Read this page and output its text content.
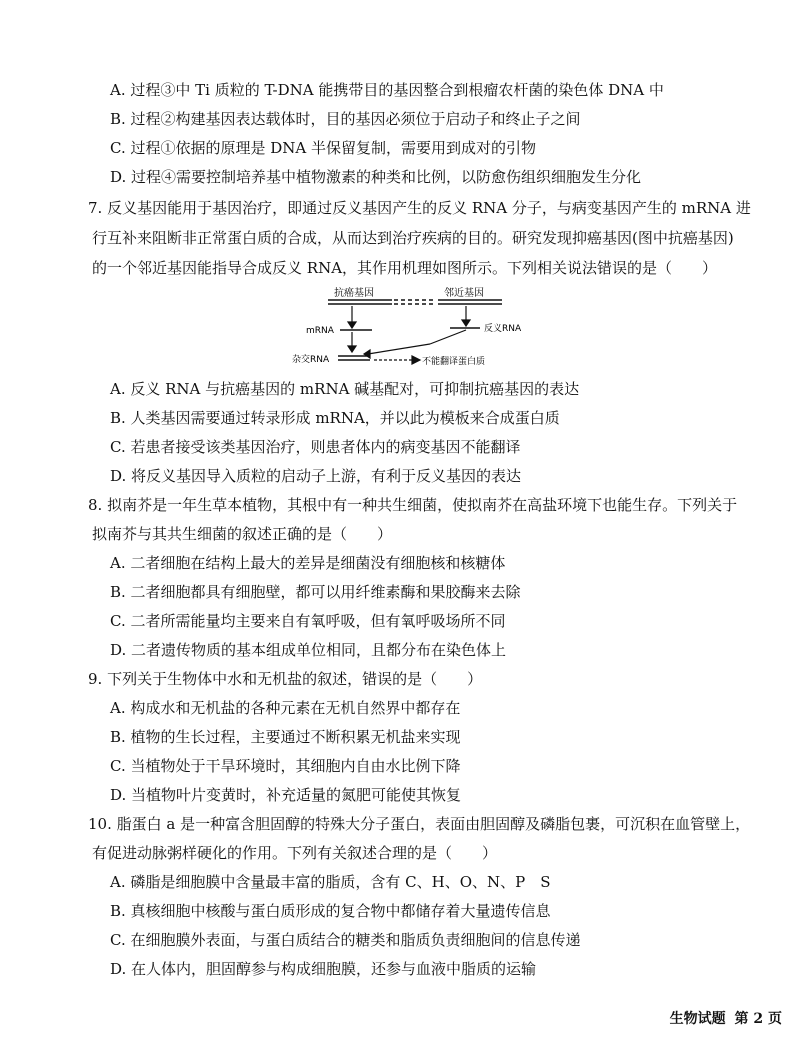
A. 过程③中 Ti 质粒的 T-DNA 能携带目的基因整合到根瘤农杆菌的染色体 DNA 中
B. 过程②构建基因表达载体时，目的基因必须位于启动子和终止子之间
C. 过程①依据的原理是 DNA 半保留复制，需要用到成对的引物
D. 过程④需要控制培养基中植物激素的种类和比例，以防愈伤组织细胞发生分化
7. 反义基因能用于基因治疗，即通过反义基因产生的反义 RNA 分子，与病变基因产生的 mRNA 进
行互补来阻断非正常蛋白质的合成，从而达到治疗疾病的目的。研究发现抑癌基因(图中抗癌基因)
的一个邻近基因能指导合成反义 RNA，其作用机理如图所示。下列相关说法错误的是（　　）
抗癌基因	邻近基因
mRNA	反义RNA
杂交RNA	不能翻译蛋白质
A. 反义 RNA 与抗癌基因的 mRNA 碱基配对，可抑制抗癌基因的表达
B. 人类基因需要通过转录形成 mRNA，并以此为模板来合成蛋白质
C. 若患者接受该类基因治疗，则患者体内的病变基因不能翻译
D. 将反义基因导入质粒的启动子上游，有利于反义基因的表达
8. 拟南芥是一年生草本植物，其根中有一种共生细菌，使拟南芥在高盐环境下也能生存。下列关于
拟南芥与其共生细菌的叙述正确的是（　　）
A. 二者细胞在结构上最大的差异是细菌没有细胞核和核糖体
B. 二者细胞都具有细胞壁，都可以用纤维素酶和果胶酶来去除
C. 二者所需能量均主要来自有氧呼吸，但有氧呼吸场所不同
D. 二者遗传物质的基本组成单位相同，且都分布在染色体上
9. 下列关于生物体中水和无机盐的叙述，错误的是（　　）
A. 构成水和无机盐的各种元素在无机自然界中都存在
B. 植物的生长过程，主要通过不断积累无机盐来实现
C. 当植物处于干旱环境时，其细胞内自由水比例下降
D. 当植物叶片变黄时，补充适量的氮肥可能使其恢复
10. 脂蛋白 a 是一种富含胆固醇的特殊大分子蛋白，表面由胆固醇及磷脂包裹，可沉积在血管壁上，
有促进动脉粥样硬化的作用。下列有关叙述合理的是（　　）
A. 磷脂是细胞膜中含量最丰富的脂质，含有 C、H、O、N、P　S
B. 真核细胞中核酸与蛋白质形成的复合物中都储存着大量遗传信息
C. 在细胞膜外表面，与蛋白质结合的糖类和脂质负责细胞间的信息传递
D. 在人体内，胆固醇参与构成细胞膜，还参与血液中脂质的运输
生物试题 第 2 页
